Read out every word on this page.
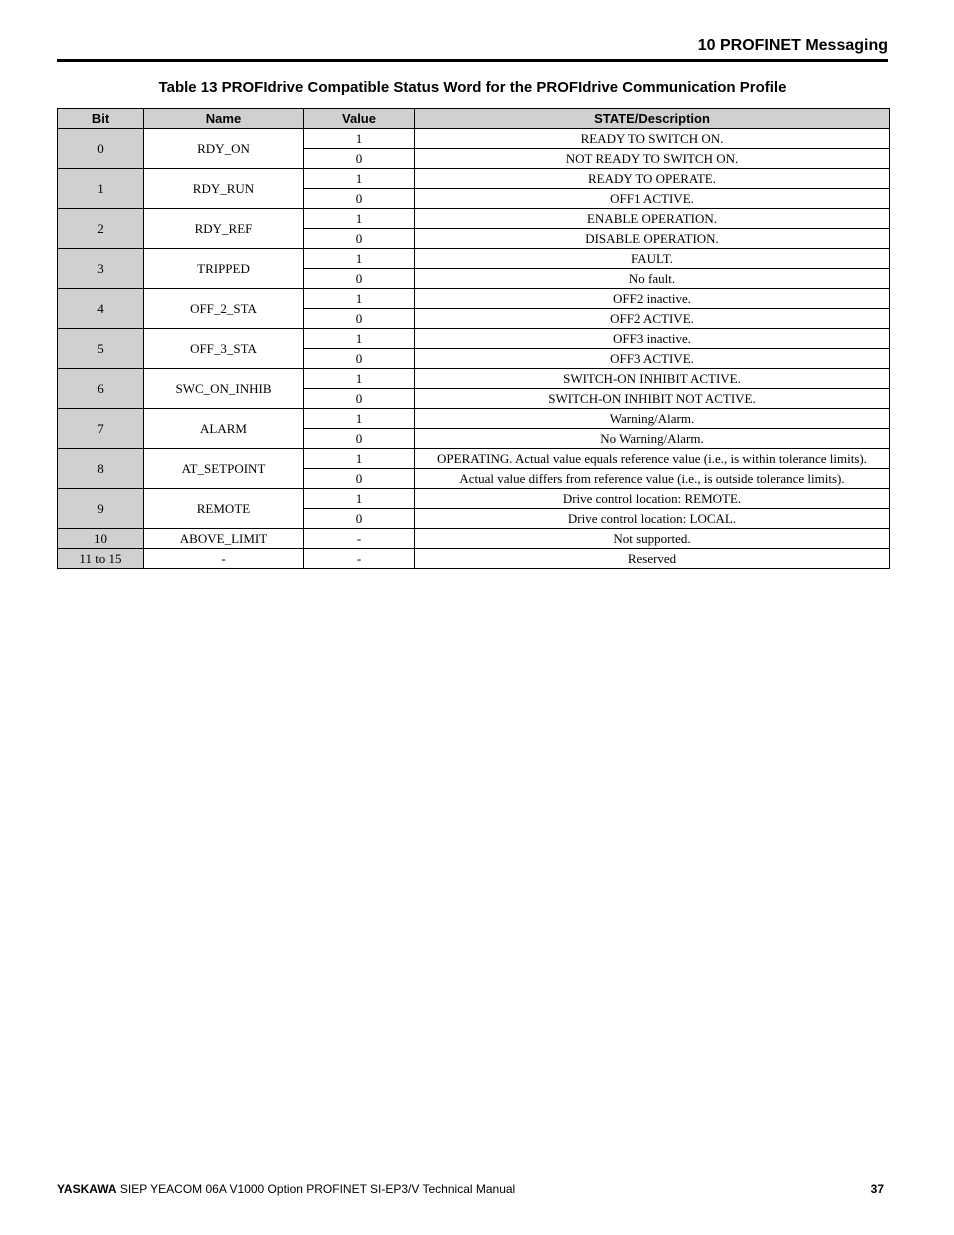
10 PROFINET Messaging
Table 13 PROFIdrive Compatible Status Word for the PROFIdrive Communication Profile
Bit	Name	Value	STATE/Description
0	RDY_ON	1	READY TO SWITCH ON.
		0	NOT READY TO SWITCH ON.
1	RDY_RUN	1	READY TO OPERATE.
		0	OFF1 ACTIVE.
2	RDY_REF	1	ENABLE OPERATION.
		0	DISABLE OPERATION.
3	TRIPPED	1	FAULT.
		0	No fault.
4	OFF_2_STA	1	OFF2 inactive.
		0	OFF2 ACTIVE.
5	OFF_3_STA	1	OFF3 inactive.
		0	OFF3 ACTIVE.
6	SWC_ON_INHIB	1	SWITCH-ON INHIBIT ACTIVE.
		0	SWITCH-ON INHIBIT NOT ACTIVE.
7	ALARM	1	Warning/Alarm.
		0	No Warning/Alarm.
8	AT_SETPOINT	1	OPERATING. Actual value equals reference value (i.e., is within tolerance limits).
		0	Actual value differs from reference value (i.e., is outside tolerance limits).
9	REMOTE	1	Drive control location: REMOTE.
		0	Drive control location: LOCAL.
10	ABOVE_LIMIT	-	Not supported.
11 to 15	-	-	Reserved
YASKAWA SIEP YEACOM 06A V1000 Option PROFINET SI-EP3/V Technical Manual	37
